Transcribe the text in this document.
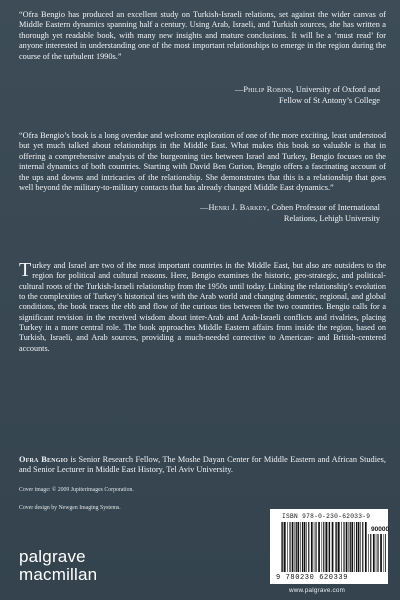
“Ofra Bengio has produced an excellent study on Turkish-Israeli relations, set against the wider canvas of Middle Eastern dynamics spanning half a century. Using Arab, Israeli, and Turkish sources, she has written a thorough yet readable book, with many new insights and mature conclusions. It will be a ‘must read’ for anyone interested in understanding one of the most important relationships to emerge in the region during the course of the turbulent 1990s.”
—Philip Robins, University of Oxford and
Fellow of St Antony’s College
“Ofra Bengio’s book is a long overdue and welcome exploration of one of the more exciting, least understood but yet much talked about relationships in the Middle East. What makes this book so valuable is that in offering a comprehensive analysis of the burgeoning ties between Israel and Turkey, Bengio focuses on the internal dynamics of both countries. Starting with David Ben Gurion, Bengio offers a fascinating account of the ups and downs and intricacies of the relationship. She demonstrates that this is a relationship that goes well beyond the military-to-military contacts that has already changed Middle East dynamics.”
—Henri J. Barkey, Cohen Professor of International
Relations, Lehigh University
Turkey and Israel are two of the most important countries in the Middle East, but also are outsiders to the region for political and cultural reasons. Here, Bengio examines the historic, geo-strategic, and political-cultural roots of the Turkish-Israeli relationship from the 1950s until today. Linking the relationship’s evolution to the complexities of Turkey’s historical ties with the Arab world and changing domestic, regional, and global conditions, the book traces the ebb and flow of the curious ties between the two countries. Bengio calls for a significant revision in the received wisdom about inter-Arab and Arab-Israeli conflicts and rivalries, placing Turkey in a more central role. The book approaches Middle Eastern affairs from inside the region, based on Turkish, Israeli, and Arab sources, providing a much-needed corrective to American- and British-centered accounts.
Ofra Bengio is Senior Research Fellow, The Moshe Dayan Center for Middle Eastern and African Studies, and Senior Lecturer in Middle East History, Tel Aviv University.
Cover image: © 2009 Jupiterimages Corporation.
Cover design by Newgen Imaging Systems.
palgrave
macmillan
ISBN 978-0-230-62033-9
90000
9 780230 620339
www.palgrave.com
